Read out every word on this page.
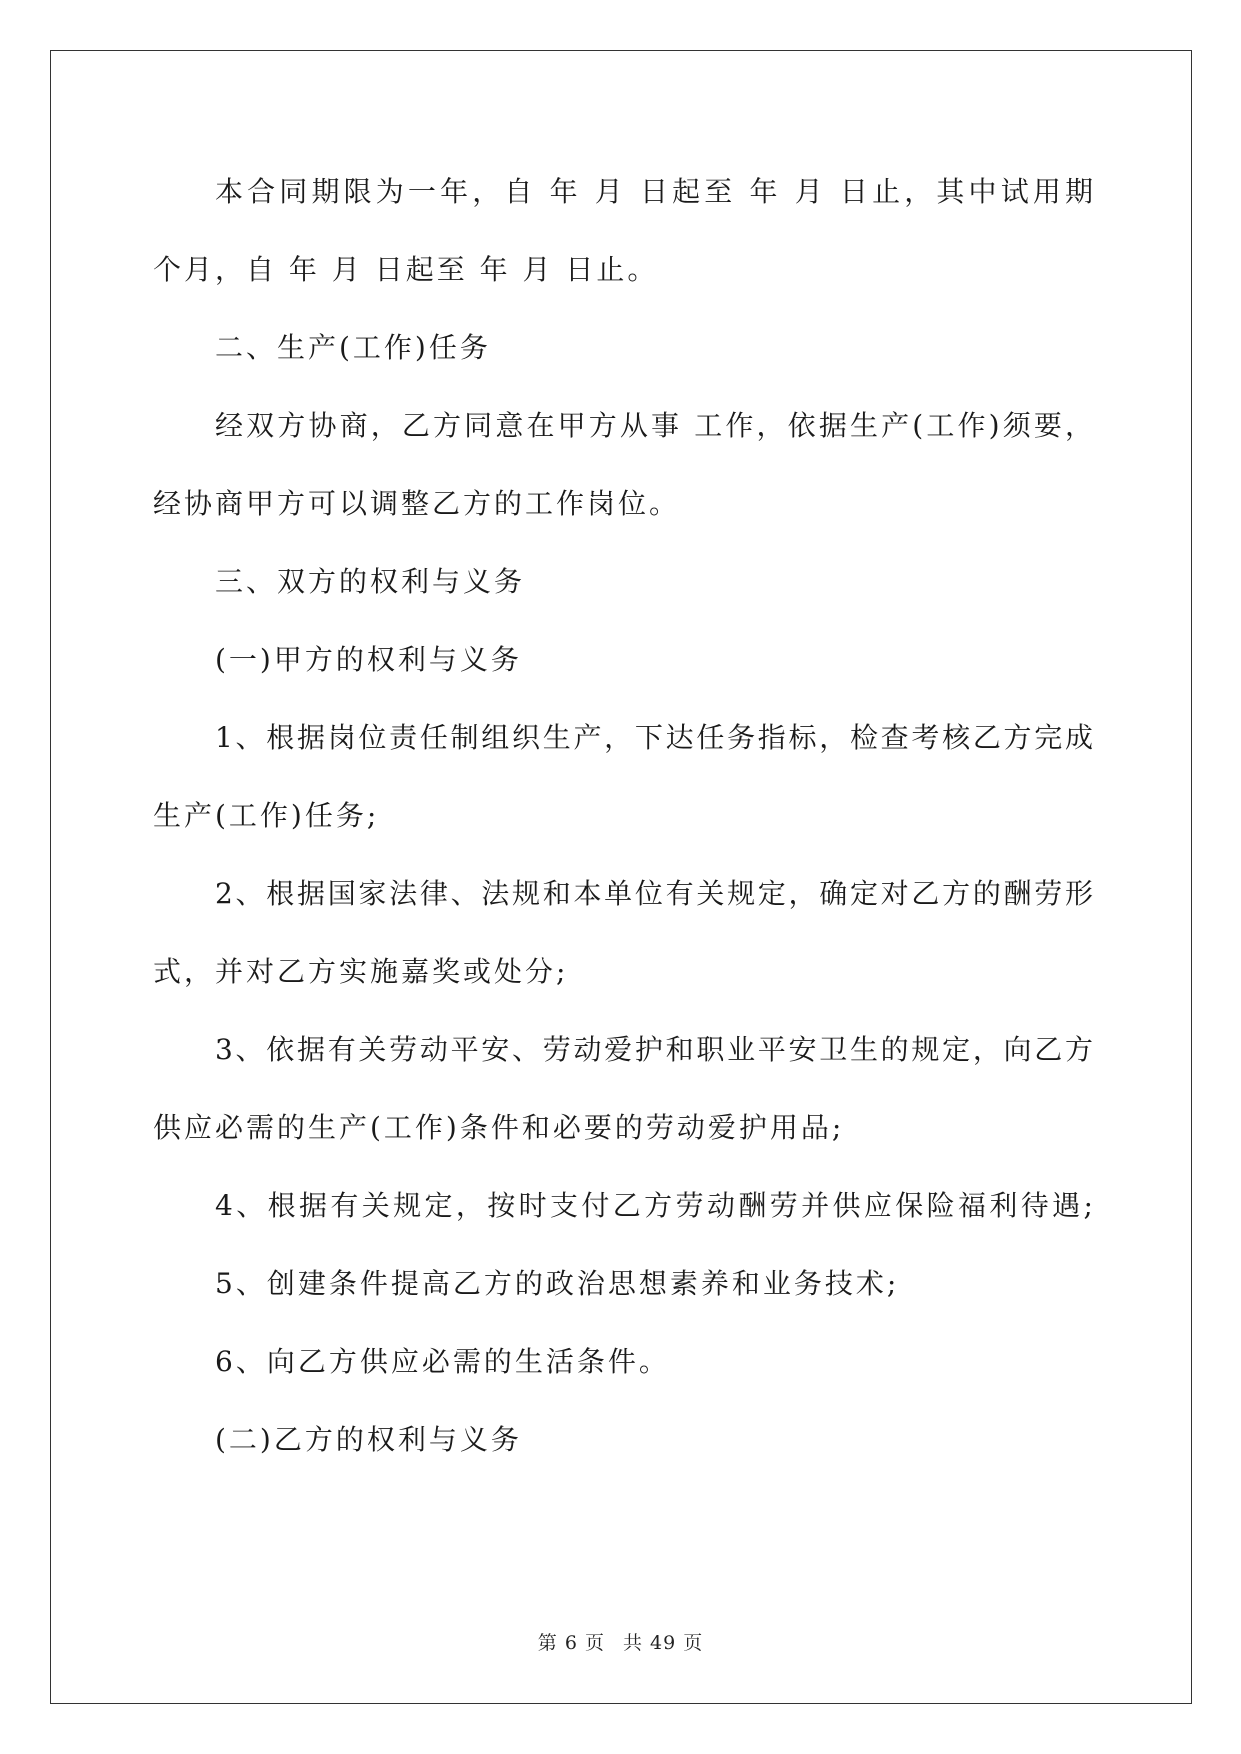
本合同期限为一年，自 年 月 日起至 年 月 日止，其中试用期
个月，自 年 月 日起至 年 月 日止。
二、生产(工作)任务
经双方协商，乙方同意在甲方从事 工作，依据生产(工作)须要，
经协商甲方可以调整乙方的工作岗位。
三、双方的权利与义务
(一)甲方的权利与义务
1、根据岗位责任制组织生产，下达任务指标，检查考核乙方完成
生产(工作)任务;
2、根据国家法律、法规和本单位有关规定，确定对乙方的酬劳形
式，并对乙方实施嘉奖或处分;
3、依据有关劳动平安、劳动爱护和职业平安卫生的规定，向乙方
供应必需的生产(工作)条件和必要的劳动爱护用品;
4、根据有关规定，按时支付乙方劳动酬劳并供应保险福利待遇;
5、创建条件提高乙方的政治思想素养和业务技术;
6、向乙方供应必需的生活条件。
(二)乙方的权利与义务
第 6 页 共 49 页
